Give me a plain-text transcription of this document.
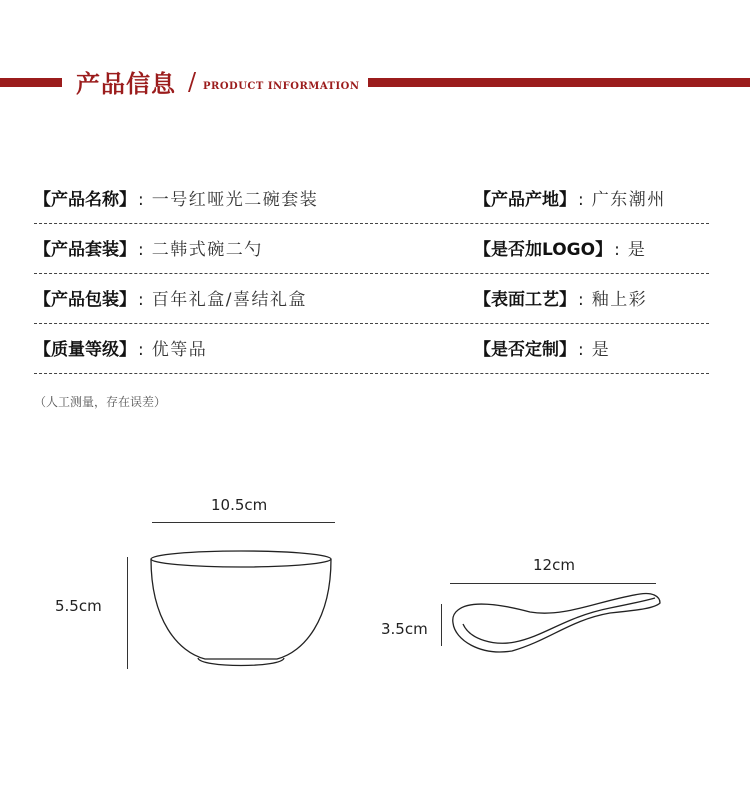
产品信息 / PRODUCT INFORMATION
【产品名称】 : 一号红哑光二碗套装	【产品产地】 : 广东潮州
【产品套装】 : 二韩式碗二勺	【是否加LOGO】 : 是
【产品包装】 : 百年礼盒/喜结礼盒	【表面工艺】 : 釉上彩
【质量等级】 : 优等品	【是否定制】 : 是
（人工测量，存在误差）
10.5cm
5.5cm
12cm
3.5cm
